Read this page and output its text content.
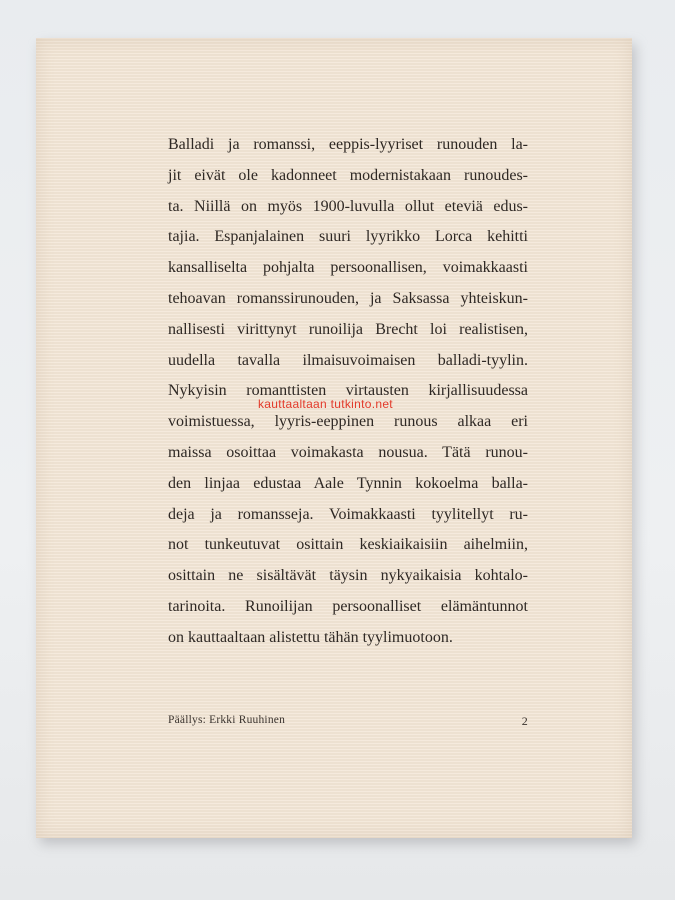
Balladi ja romanssi, eeppis-lyyriset runouden la-
jit eivät ole kadonneet modernistakaan runoudes-
ta. Niillä on myös 1900-luvulla ollut eteviä edus-
tajia. Espanjalainen suuri lyyrikko Lorca kehitti
kansalliselta pohjalta persoonallisen, voimakkaasti
tehoavan romanssirunouden, ja Saksassa yhteiskun-
nallisesti virittynyt runoilija Brecht loi realistisen,
uudella tavalla ilmaisuvoimaisen balladi-tyylin.
Nykyisin romanttisten virtausten kirjallisuudessa
voimistuessa, lyyris-eeppinen runous alkaa eri
maissa osoittaa voimakasta nousua. Tätä runou-
den linjaa edustaa Aale Tynnin kokoelma balla-
deja ja romansseja. Voimakkaasti tyylitellyt ru-
not tunkeutuvat osittain keskiaikaisiin aihelmiin,
osittain ne sisältävät täysin nykyaikaisia kohtalo-
tarinoita. Runoilijan persoonalliset elämäntunnot
on kauttaaltaan alistettu tähän tyylimuotoon.
kauttaaltaan tutkinto.net
Päällys: Erkki Ruuhinen	2
